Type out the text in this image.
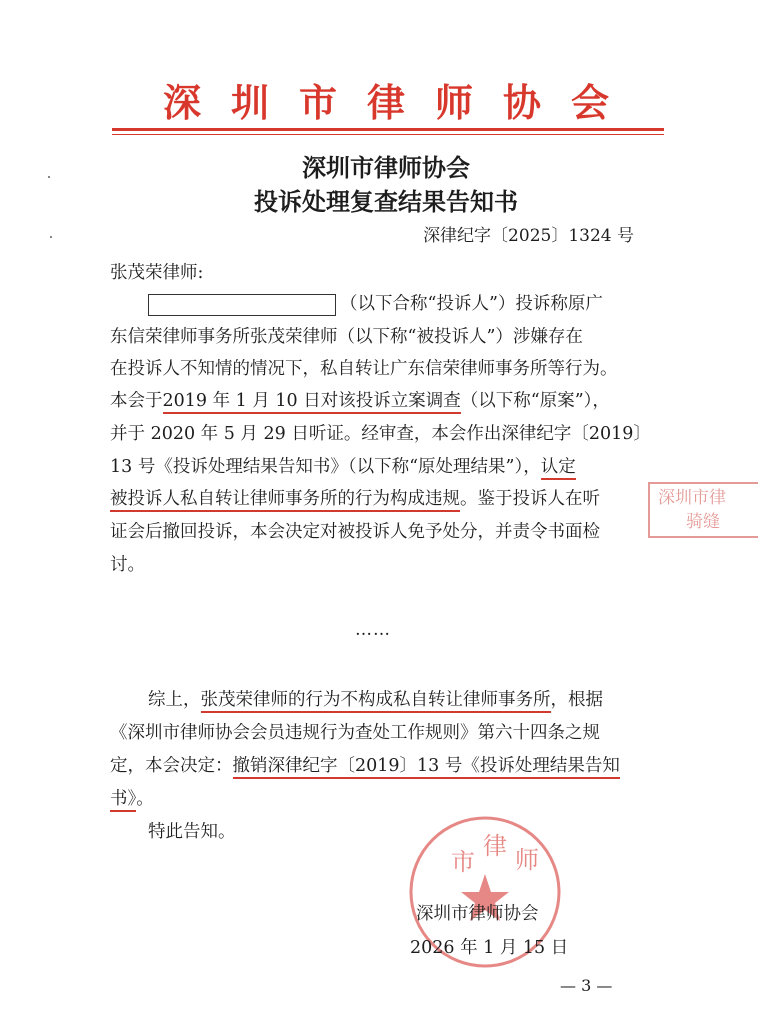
深圳市律师协会
深圳市律师协会
投诉处理复查结果告知书
深律纪字〔2025〕1324 号
张茂荣律师:
（以下合称“投诉人”）投诉称原广
东信荣律师事务所张茂荣律师（以下称“被投诉人”）涉嫌存在
在投诉人不知情的情况下，私自转让广东信荣律师事务所等行为。
本会于2019 年 1 月 10 日对该投诉立案调查（以下称“原案”），
并于 2020 年 5 月 29 日听证。经审查，本会作出深律纪字〔2019〕
13 号《投诉处理结果告知书》（以下称“原处理结果”），认定
被投诉人私自转让律师事务所的行为构成违规。鉴于投诉人在听
证会后撤回投诉，本会决定对被投诉人免予处分，并责令书面检
讨。
深圳市律
骑缝
……
综上，张茂荣律师的行为不构成私自转让律师事务所，根据
《深圳市律师协会会员违规行为查处工作规则》第六十四条之规
定，本会决定：撤销深律纪字〔2019〕13 号《投诉处理结果告知
书》。
特此告知。
市
律 师
深圳市律师协会
2026 年 1 月 15 日
— 3 —
